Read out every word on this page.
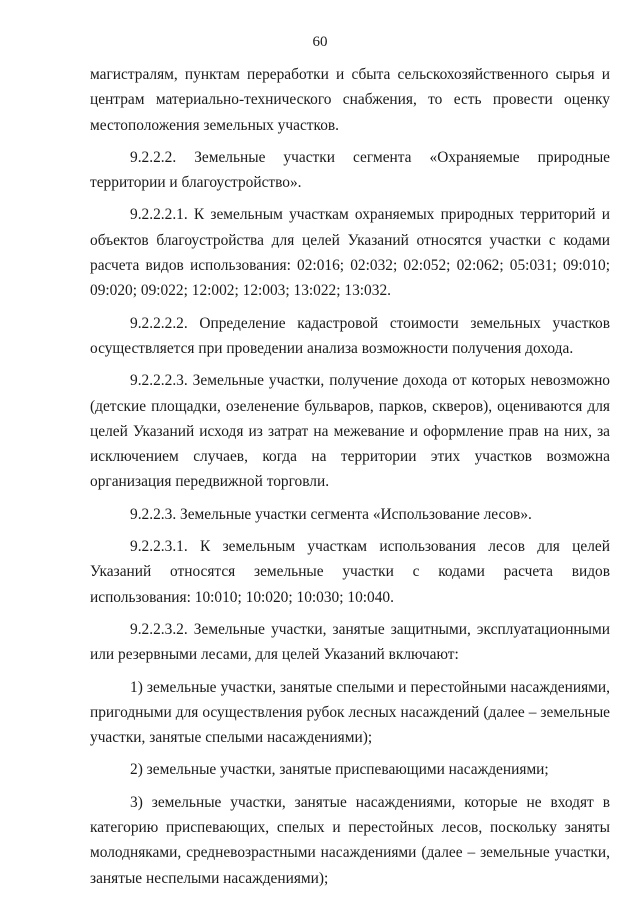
60

магистралям, пунктам переработки и сбыта сельскохозяйственного сырья и центрам материально-технического снабжения, то есть провести оценку местоположения земельных участков.

9.2.2.2. Земельные участки сегмента «Охраняемые природные территории и благоустройство».

9.2.2.2.1. К земельным участкам охраняемых природных территорий и объектов благоустройства для целей Указаний относятся участки с кодами расчета видов использования: 02:016; 02:032; 02:052; 02:062; 05:031; 09:010; 09:020; 09:022; 12:002; 12:003; 13:022; 13:032.

9.2.2.2.2. Определение кадастровой стоимости земельных участков осуществляется при проведении анализа возможности получения дохода.

9.2.2.2.3. Земельные участки, получение дохода от которых невозможно (детские площадки, озеленение бульваров, парков, скверов), оцениваются для целей Указаний исходя из затрат на межевание и оформление прав на них, за исключением случаев, когда на территории этих участков возможна организация передвижной торговли.

9.2.2.3. Земельные участки сегмента «Использование лесов».

9.2.2.3.1. К земельным участкам использования лесов для целей Указаний относятся земельные участки с кодами расчета видов использования: 10:010; 10:020; 10:030; 10:040.

9.2.2.3.2. Земельные участки, занятые защитными, эксплуатационными или резервными лесами, для целей Указаний включают:

1) земельные участки, занятые спелыми и перестойными насаждениями, пригодными для осуществления рубок лесных насаждений (далее – земельные участки, занятые спелыми насаждениями);

2) земельные участки, занятые приспевающими насаждениями;

3) земельные участки, занятые насаждениями, которые не входят в категорию приспевающих, спелых и перестойных лесов, поскольку заняты молодняками, средневозрастными насаждениями (далее – земельные участки, занятые неспелыми насаждениями);
